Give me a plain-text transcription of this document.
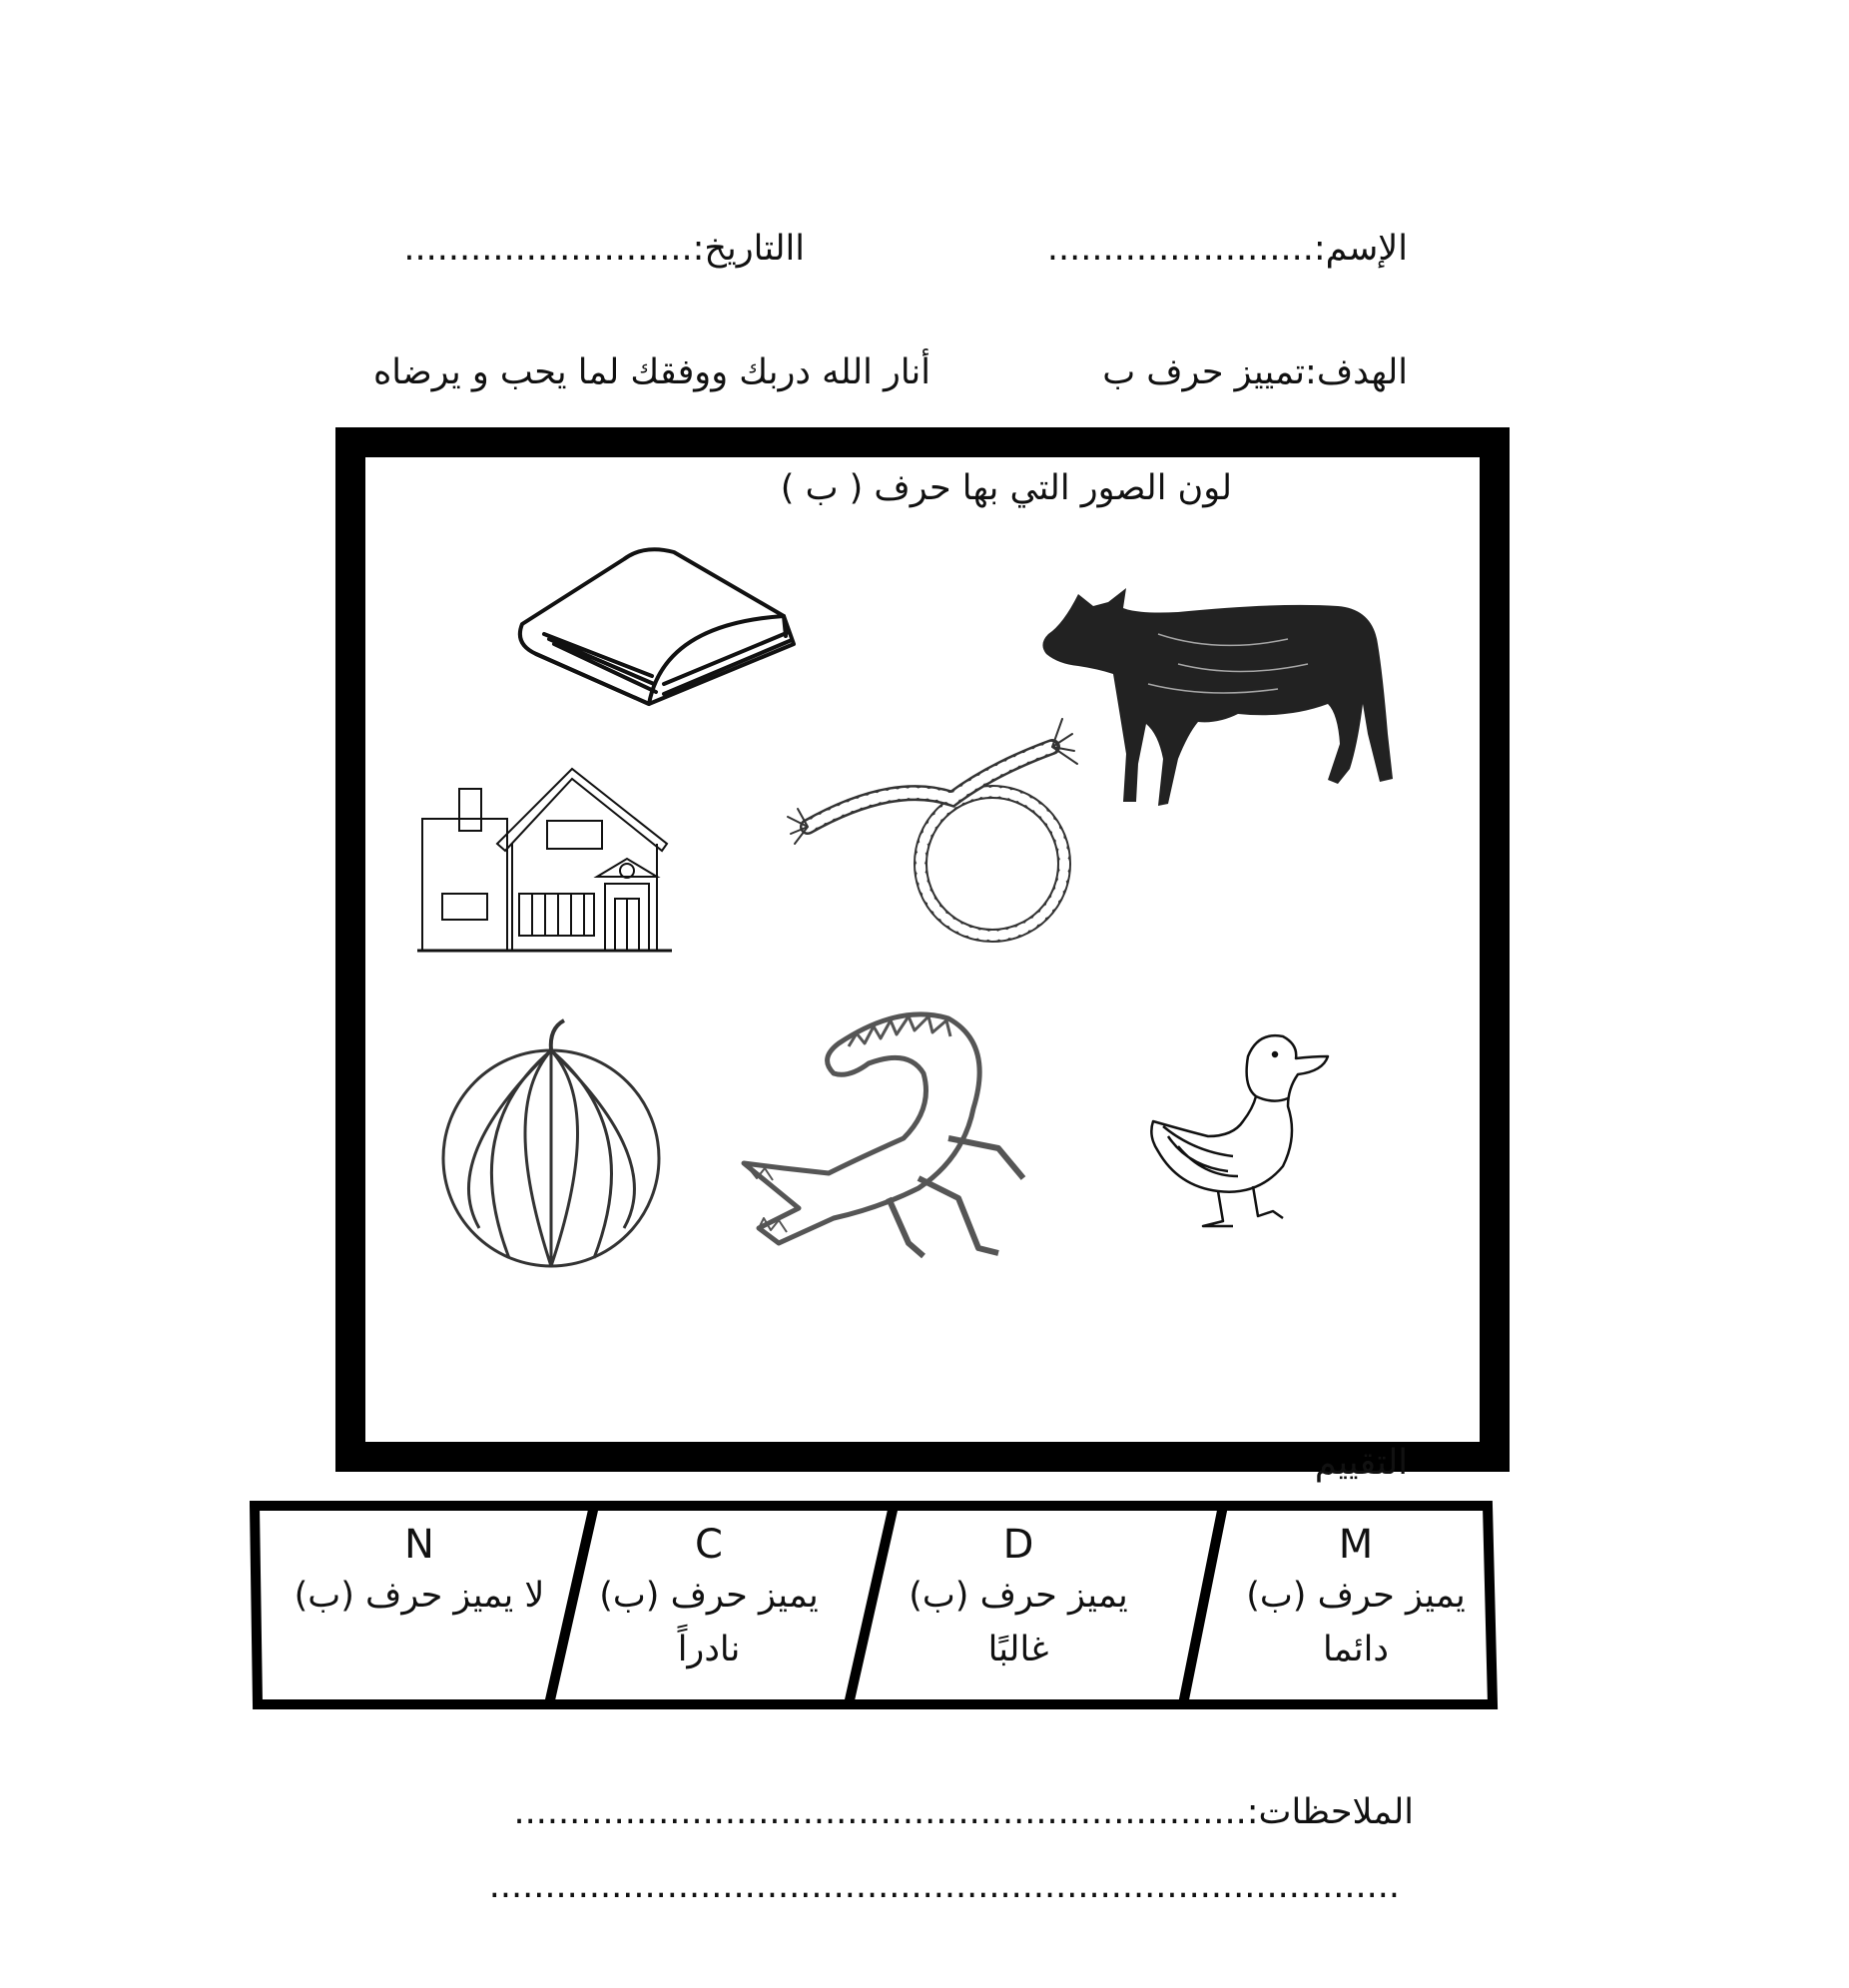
الإسم:........................
االتاريخ:..........................
الهدف:تمييز حرف ب
أنار الله دربك ووفقك لما يحب و يرضاه
لون الصور التي بها حرف ( ب )
التقييم
M
يميز حرف (ب)
دائما
D
يميز حرف (ب)
غالبًا
C
يميز حرف (ب)
نادراً
N
لا يميز حرف (ب)
الملاحظات:..................................................................
..................................................................................
